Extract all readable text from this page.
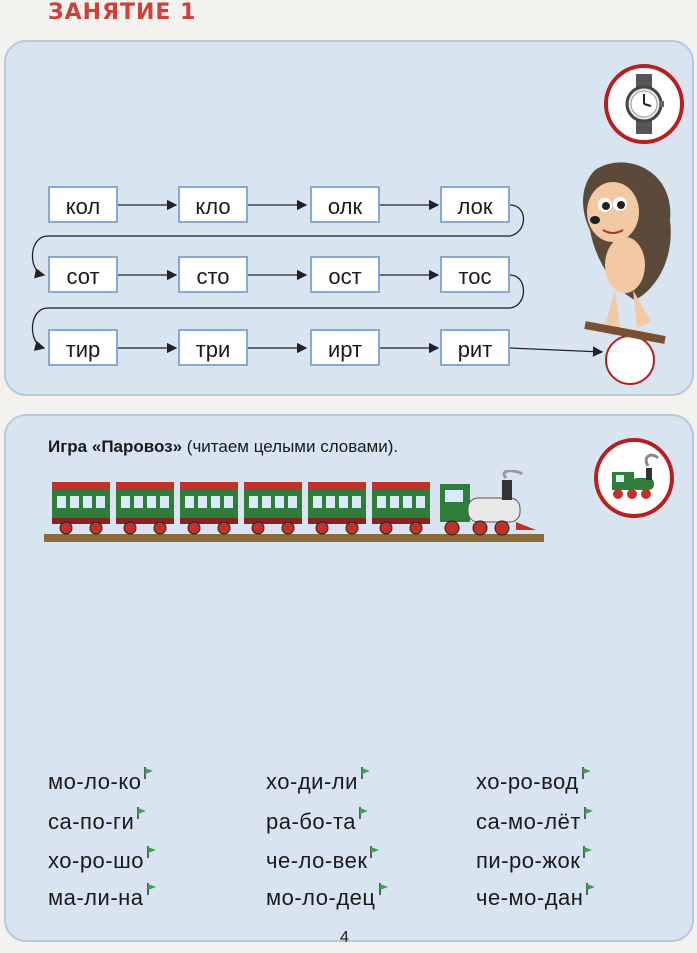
ЗАНЯТИЕ 1
кол	кло	олк	лок
сот	сто	ост	тос
тир	три	ирт	рит
Игра «Паровоз» (читаем целыми словами).
мо-ло-ко	хо-ди-ли	хо-ро-вод
са-по-ги	ра-бо-та	са-мо-лёт
хо-ро-шо	че-ло-век	пи-ро-жок
ма-ли-на	мо-ло-дец	че-мо-дан
4
